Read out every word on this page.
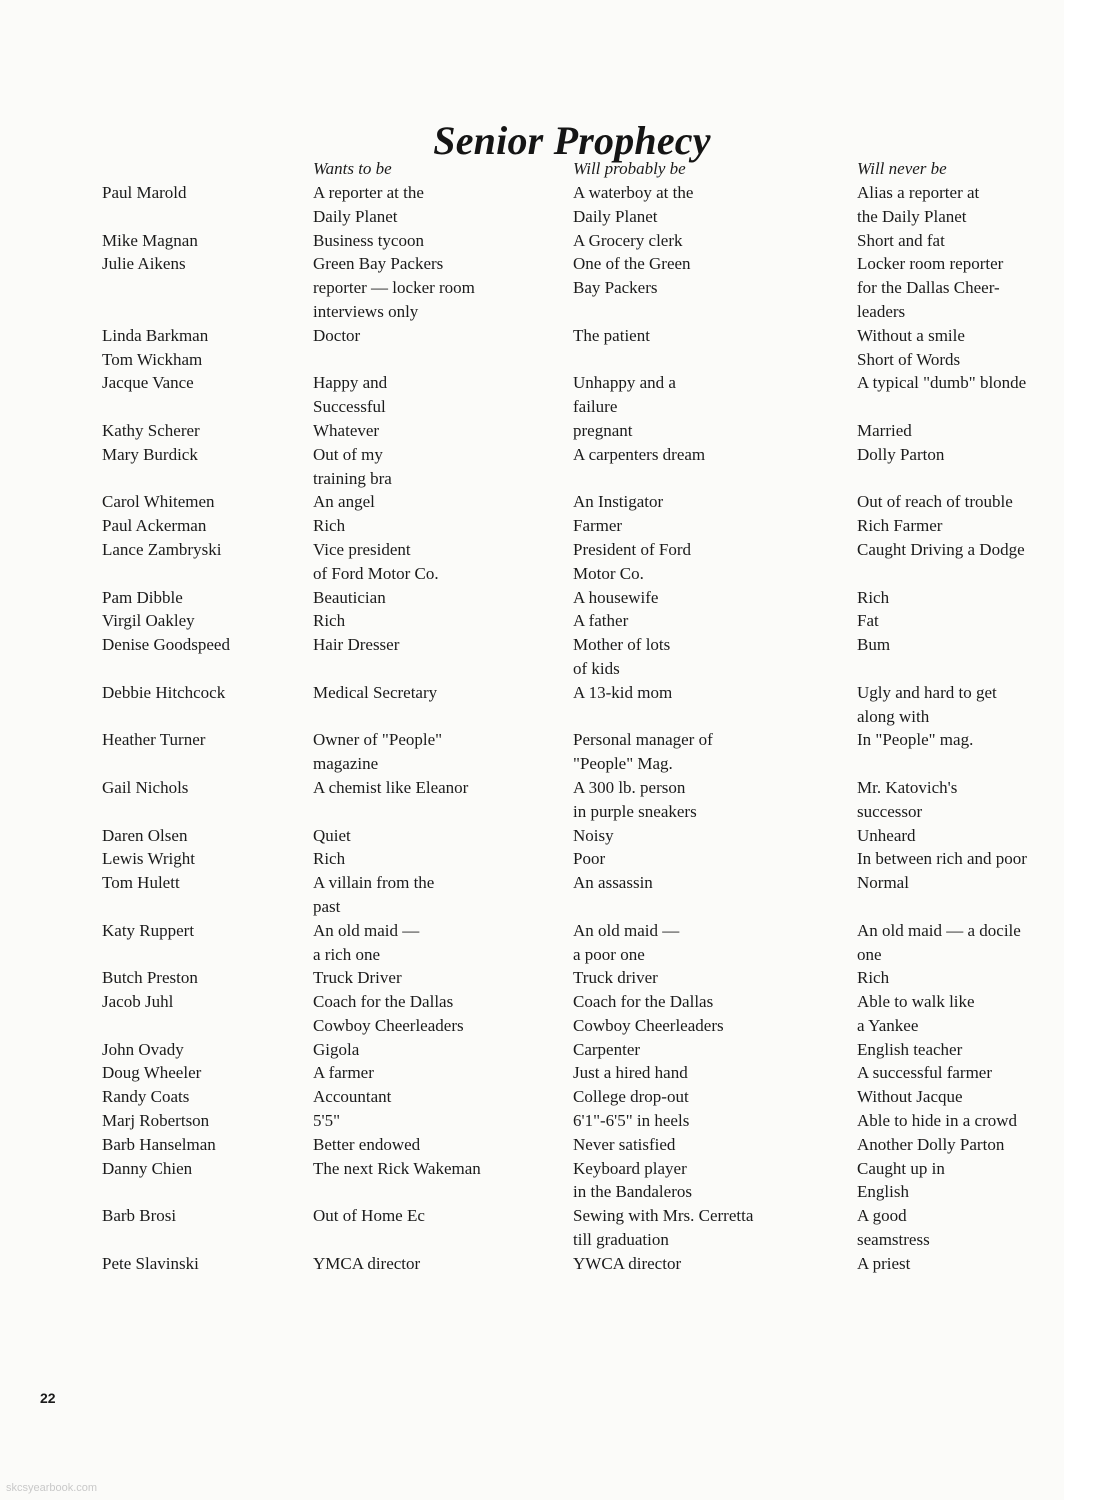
Senior Prophecy
Wants to be	Will probably be	Will never be
Paul Marold
Mike Magnan
Julie Aikens
Linda Barkman
Tom Wickham
Jacque Vance
Kathy Scherer
Mary Burdick
Carol Whitemen
Paul Ackerman
Lance Zambryski
Pam Dibble
Virgil Oakley
Denise Goodspeed
Debbie Hitchcock
Heather Turner
Gail Nichols
Daren Olsen
Lewis Wright
Tom Hulett
Katy Ruppert
Butch Preston
Jacob Juhl
John Ovady
Doug Wheeler
Randy Coats
Marj Robertson
Barb Hanselman
Danny Chien
Barb Brosi
Pete Slavinski
A reporter at the
Daily Planet
Business tycoon
Green Bay Packers
reporter — locker room
interviews only
Doctor
Happy and
Successful
Whatever
Out of my
training bra
An angel
Rich
Vice president
of Ford Motor Co.
Beautician
Rich
Hair Dresser
Medical Secretary
Owner of "People"
magazine
A chemist like Eleanor
Quiet
Rich
A villain from the
past
An old maid —
a rich one
Truck Driver
Coach for the Dallas
Cowboy Cheerleaders
Gigola
A farmer
Accountant
5'5"
Better endowed
The next Rick Wakeman
Out of Home Ec
YMCA director
A waterboy at the
Daily Planet
A Grocery clerk
One of the Green
Bay Packers
The patient
Unhappy and a
failure
pregnant
A carpenters dream
An Instigator
Farmer
President of Ford
Motor Co.
A housewife
A father
Mother of lots
of kids
A 13-kid mom
Personal manager of
"People" Mag.
A 300 lb. person
in purple sneakers
Noisy
Poor
An assassin
An old maid —
a poor one
Truck driver
Coach for the Dallas
Cowboy Cheerleaders
Carpenter
Just a hired hand
College drop-out
6'1"-6'5" in heels
Never satisfied
Keyboard player
in the Bandaleros
Sewing with Mrs. Cerretta
till graduation
YWCA director
Alias a reporter at
the Daily Planet
Short and fat
Locker room reporter
for the Dallas Cheer-
leaders
Without a smile
Short of Words
A typical "dumb" blonde
Married
Dolly Parton
Out of reach of trouble
Rich Farmer
Caught Driving a Dodge
Rich
Fat
Bum
Ugly and hard to get
along with
In "People" mag.
Mr. Katovich's
successor
Unheard
In between rich and poor
Normal
An old maid — a docile
one
Rich
Able to walk like
a Yankee
English teacher
A successful farmer
Without Jacque
Able to hide in a crowd
Another Dolly Parton
Caught up in
English
A good
seamstress
A priest
22
skcsyearbook.com
